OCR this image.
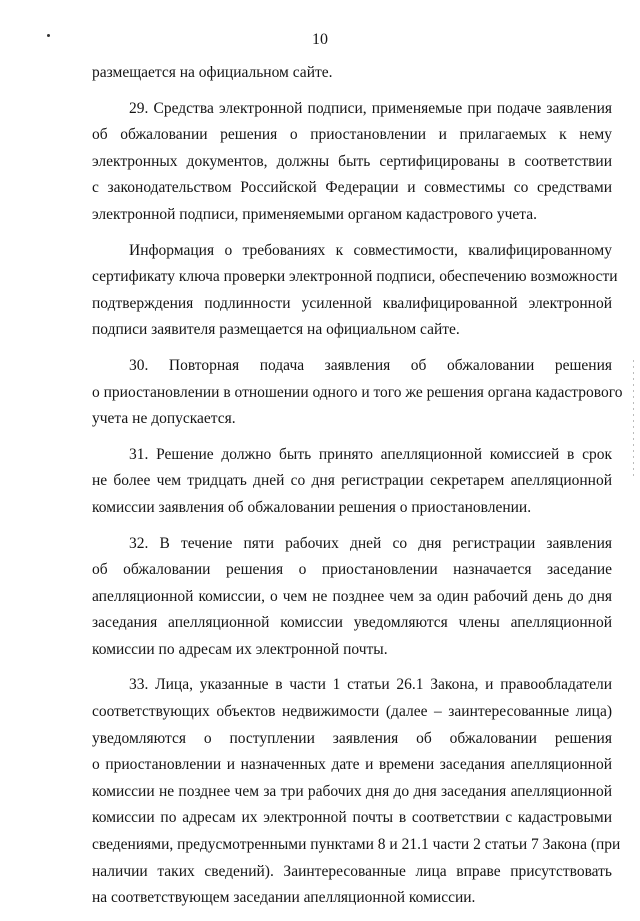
10

размещается на официальном сайте.

29. Средства электронной подписи, применяемые при подаче заявления
об обжаловании решения о приостановлении и прилагаемых к нему
электронных документов, должны быть сертифицированы в соответствии
с законодательством Российской Федерации и совместимы со средствами
электронной подписи, применяемыми органом кадастрового учета.

Информация о требованиях к совместимости, квалифицированному
сертификату ключа проверки электронной подписи, обеспечению возможности
подтверждения подлинности усиленной квалифицированной электронной
подписи заявителя размещается на официальном сайте.

30. Повторная подача заявления об обжаловании решения
о приостановлении в отношении одного и того же решения органа кадастрового
учета не допускается.

31. Решение должно быть принято апелляционной комиссией в срок
не более чем тридцать дней со дня регистрации секретарем апелляционной
комиссии заявления об обжаловании решения о приостановлении.

32. В течение пяти рабочих дней со дня регистрации заявления
об обжаловании решения о приостановлении назначается заседание
апелляционной комиссии, о чем не позднее чем за один рабочий день до дня
заседания апелляционной комиссии уведомляются члены апелляционной
комиссии по адресам их электронной почты.

33. Лица, указанные в части 1 статьи 26.1 Закона, и правообладатели
соответствующих объектов недвижимости (далее – заинтересованные лица)
уведомляются о поступлении заявления об обжаловании решения
о приостановлении и назначенных дате и времени заседания апелляционной
комиссии не позднее чем за три рабочих дня до дня заседания апелляционной
комиссии по адресам их электронной почты в соответствии с кадастровыми
сведениями, предусмотренными пунктами 8 и 21.1 части 2 статьи 7 Закона (при
наличии таких сведений). Заинтересованные лица вправе присутствовать
на соответствующем заседании апелляционной комиссии.
